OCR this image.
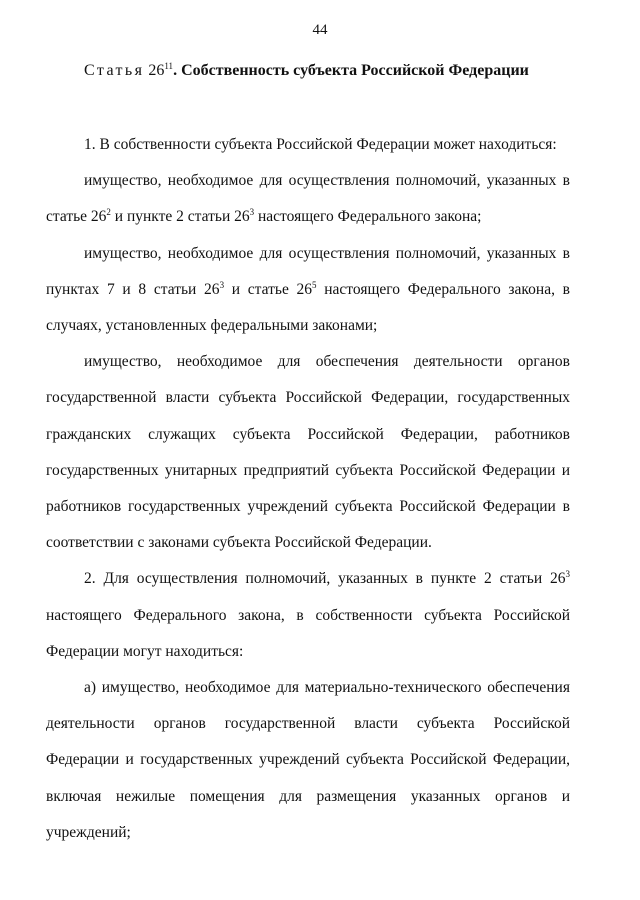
44
Статья $26^{11}$. Собственность субъекта Российской Федерации

1. В собственности субъекта Российской Федерации может находиться:

имущество, необходимое для осуществления полномочий, указанных в статье $26^2$ и пункте 2 статьи $26^3$ настоящего Федерального закона;

имущество, необходимое для осуществления полномочий, указанных в пунктах 7 и 8 статьи $26^3$ и статье $26^5$ настоящего Федерального закона, в случаях, установленных федеральными законами;

имущество, необходимое для обеспечения деятельности органов государственной власти субъекта Российской Федерации, государственных гражданских служащих субъекта Российской Федерации, работников государственных унитарных предприятий субъекта Российской Федерации и работников государственных учреждений субъекта Российской Федерации в соответствии с законами субъекта Российской Федерации.

2. Для осуществления полномочий, указанных в пункте 2 статьи $26^3$ настоящего Федерального закона, в собственности субъекта Российской Федерации могут находиться:

а) имущество, необходимое для материально-технического обеспечения деятельности органов государственной власти субъекта Российской Федерации и государственных учреждений субъекта Российской Федерации, включая нежилые помещения для размещения указанных органов и учреждений;
